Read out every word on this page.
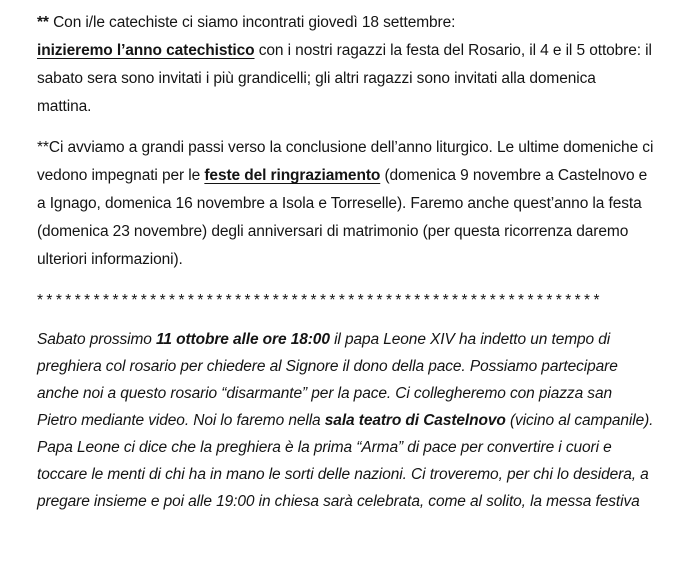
** Con i/le catechiste ci siamo incontrati giovedì 18 settembre:
inizieremo l’anno catechistico con i nostri ragazzi la festa del Rosario, il 4 e il 5 ottobre: il sabato sera sono invitati i più grandicelli; gli altri ragazzi sono invitati alla domenica mattina.

**Ci avviamo a grandi passi verso la conclusione dell’anno liturgico. Le ultime domeniche ci vedono impegnati per le feste del ringraziamento (domenica 9 novembre a Castelnovo e a Ignago, domenica 16 novembre a Isola e Torreselle). Faremo anche quest’anno la festa (domenica 23 novembre) degli anniversari di matrimonio (per questa ricorrenza daremo ulteriori informazioni).

************************************************************

Sabato prossimo 11 ottobre alle ore 18:00 il papa Leone XIV ha indetto un tempo di preghiera col rosario per chiedere al Signore il dono della pace. Possiamo partecipare anche noi a questo rosario “disarmante” per la pace. Ci collegheremo con piazza san Pietro mediante video. Noi lo faremo nella sala teatro di Castelnovo (vicino al campanile). Papa Leone ci dice che la preghiera è la prima “Arma” di pace per convertire i cuori e toccare le menti di chi ha in mano le sorti delle nazioni. Ci troveremo, per chi lo desidera, a pregare insieme e poi alle 19:00 in chiesa sarà celebrata, come al solito, la messa festiva
